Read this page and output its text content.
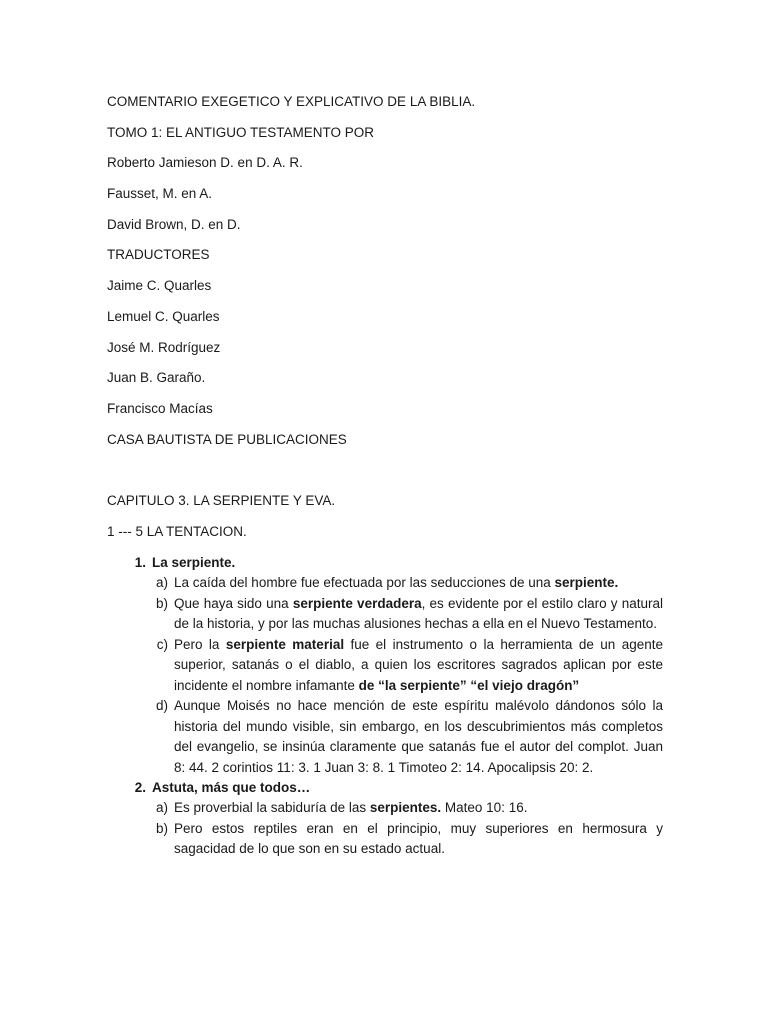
COMENTARIO EXEGETICO Y EXPLICATIVO DE LA BIBLIA.
TOMO 1: EL ANTIGUO TESTAMENTO POR
Roberto Jamieson D. en D. A. R.
Fausset, M. en A.
David Brown, D. en D.
TRADUCTORES
Jaime C. Quarles
Lemuel C. Quarles
José M. Rodríguez
Juan B. Garaño.
Francisco Macías
CASA BAUTISTA DE PUBLICACIONES
CAPITULO 3. LA SERPIENTE Y EVA.
1 --- 5 LA TENTACION.
1. La serpiente.
a) La caída del hombre fue efectuada por las seducciones de una serpiente.
b) Que haya sido una serpiente verdadera, es evidente por el estilo claro y natural de la historia, y por las muchas alusiones hechas a ella en el Nuevo Testamento.
c) Pero la serpiente material fue el instrumento o la herramienta de un agente superior, satanás o el diablo, a quien los escritores sagrados aplican por este incidente el nombre infamante de “la serpiente” “el viejo dragón”
d) Aunque Moisés no hace mención de este espíritu malévolo dándonos sólo la historia del mundo visible, sin embargo, en los descubrimientos más completos del evangelio, se insinúa claramente que satanás fue el autor del complot. Juan 8: 44. 2 corintios 11: 3. 1 Juan 3: 8. 1 Timoteo 2: 14. Apocalipsis 20: 2.
2. Astuta, más que todos…
a) Es proverbial la sabiduría de las serpientes. Mateo 10: 16.
b) Pero estos reptiles eran en el principio, muy superiores en hermosura y sagacidad de lo que son en su estado actual.
